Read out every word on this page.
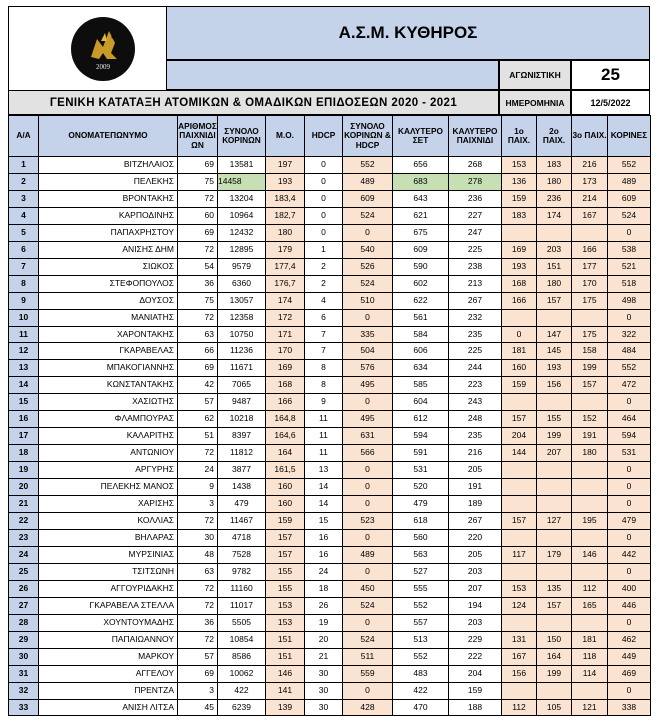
2009
Α.Σ.Μ. ΚΥΘΗΡΟΣ
ΑΓΩΝΙΣΤΙΚΗ	25
ΓΕΝΙΚΗ ΚΑΤΑΤΑΞΗ ΑΤΟΜΙΚΩΝ & ΟΜΑΔΙΚΩΝ ΕΠΙΔΟΣΕΩΝ 2020 - 2021	ΗΜΕΡΟΜΗΝΙΑ	12/5/2022
Α/Α	ΟΝΟΜΑΤΕΠΩΝΥΜΟ	ΑΡΙΘΜΟΣ ΠΑΙΧΝΙΔΙ ΩΝ	ΣΥΝΟΛΟ ΚΟΡΙΝΩΝ	Μ.Ο.	HDCP	ΣΥΝΟΛΟ ΚΟΡΙΝΩΝ & HDCP	ΚΑΛΥΤΕΡΟ ΣΕΤ	ΚΑΛΥΤΕΡΟ ΠΑΙΧΝΙΔΙ	1ο ΠΑΙΧ.	2ο ΠΑΙΧ.	3ο ΠΑΙΧ.	ΚΟΡΙΝΕΣ
1	ΒΙΤΖΗΛΑΙΟΣ	69	13581	197	0	552	656	268	153	183	216	552
2	ΠΕΛΕΚΗΣ	75	14458	193	0	489	683	278	136	180	173	489
3	ΒΡΟΝΤΑΚΗΣ	72	13204	183,4	0	609	643	236	159	236	214	609
4	ΚΑΡΠΟΔΙΝΗΣ	60	10964	182,7	0	524	621	227	183	174	167	524
5	ΠΑΠΑΧΡΗΣΤΟΥ	69	12432	180	0	0	675	247				0
6	ΑΝΙΣΗΣ ΔΗΜ	72	12895	179	1	540	609	225	169	203	166	538
7	ΣΙΩΚΟΣ	54	9579	177,4	2	526	590	238	193	151	177	521
8	ΣΤΕΦΟΠΟΥΛΟΣ	36	6360	176,7	2	524	602	213	168	180	170	518
9	ΔΟΥΣΟΣ	75	13057	174	4	510	622	267	166	157	175	498
10	ΜΑΝΙΑΤΗΣ	72	12358	172	6	0	561	232				0
11	ΧΑΡΟΝΤΑΚΗΣ	63	10750	171	7	335	584	235	0	147	175	322
12	ΓΚΑΡΑΒΕΛΑΣ	66	11236	170	7	504	606	225	181	145	158	484
13	ΜΠΑΚΟΓΙΑΝΝΗΣ	69	11671	169	8	576	634	244	160	193	199	552
14	ΚΩΝΣΤΑΝΤΑΚΗΣ	42	7065	168	8	495	585	223	159	156	157	472
15	ΧΑΣΙΩΤΗΣ	57	9487	166	9	0	604	243				0
16	ΦΛΑΜΠΟΥΡΑΣ	62	10218	164,8	11	495	612	248	157	155	152	464
17	ΚΑΛΑΡΙΤΗΣ	51	8397	164,6	11	631	594	235	204	199	191	594
18	ΑΝΤΩΝΙΟΥ	72	11812	164	11	566	591	216	144	207	180	531
19	ΑΡΓΥΡΗΣ	24	3877	161,5	13	0	531	205				0
20	ΠΕΛΕΚΗΣ ΜΑΝΟΣ	9	1438	160	14	0	520	191				0
21	ΧΑΡΙΣΗΣ	3	479	160	14	0	479	189				0
22	ΚΟΛΛΙΑΣ	72	11467	159	15	523	618	267	157	127	195	479
23	ΒΗΛΑΡΑΣ	30	4718	157	16	0	560	220				0
24	ΜΥΡΣΙΝΙΑΣ	48	7528	157	16	489	563	205	117	179	146	442
25	ΤΣΙΤΣΩΝΗ	63	9782	155	24	0	527	203				0
26	ΑΓΓΟΥΡΙΔΑΚΗΣ	72	11160	155	18	450	555	207	153	135	112	400
27	ΓΚΑΡΑΒΕΛΑ ΣΤΕΛΛΑ	72	11017	153	26	524	552	194	124	157	165	446
28	ΧΟΥΝΤΟΥΜΑΔΗΣ	36	5505	153	19	0	557	203				0
29	ΠΑΠΑΙΩΑΝΝΟΥ	72	10854	151	20	524	513	229	131	150	181	462
30	ΜΑΡΚΟΥ	57	8586	151	21	511	552	222	167	164	118	449
31	ΑΓΓΕΛΟΥ	69	10062	146	30	559	483	204	156	199	114	469
32	ΠΡΕΝΤΖΑ	3	422	141	30	0	422	159				0
33	ΑΝΙΣΗ ΛΙΤΣΑ	45	6239	139	30	428	470	188	112	105	121	338
